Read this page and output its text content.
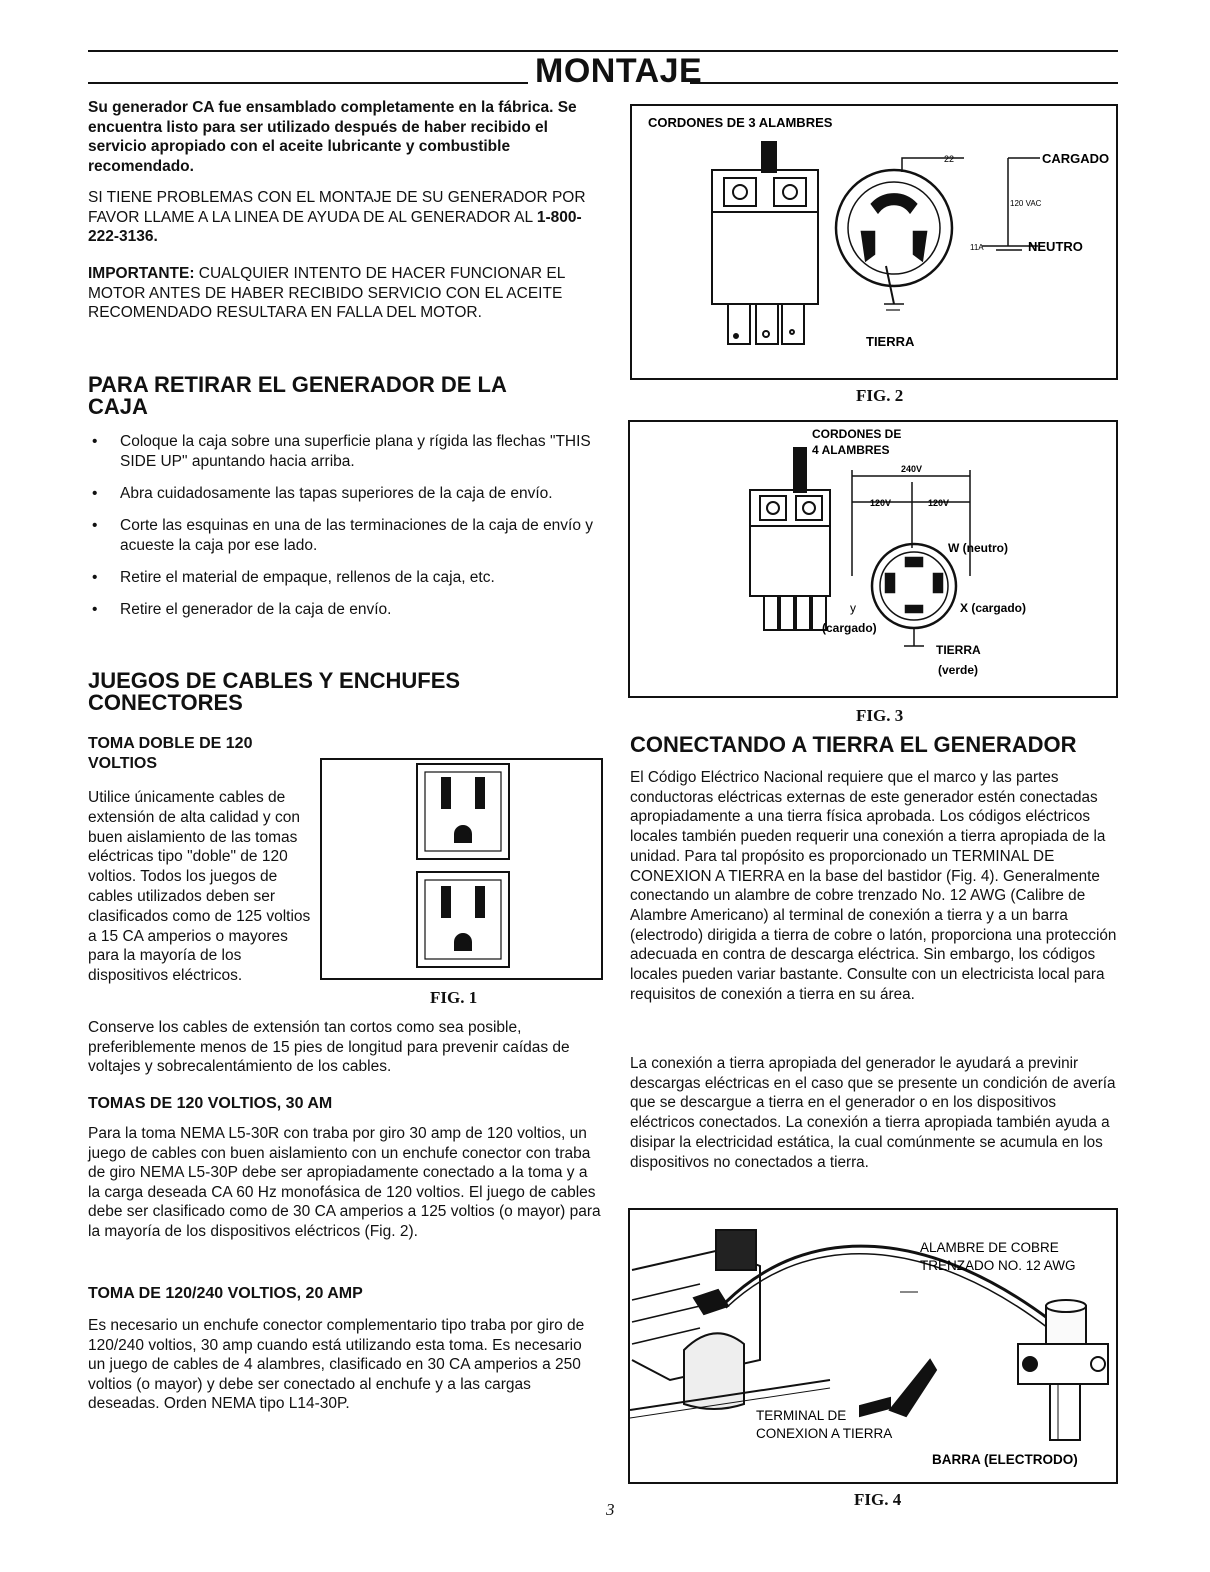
MONTAJE

Su generador CA fue ensamblado completamente en la fábrica. Se encuentra listo para ser utilizado después de haber recibido el servicio apropiado con el aceite lubricante y combustible recomendado.

SI TIENE PROBLEMAS CON EL MONTAJE DE SU GENERADOR POR FAVOR LLAME A LA LINEA DE AYUDA DE AL GENERADOR AL 1-800-222-3136.

IMPORTANTE: CUALQUIER INTENTO DE HACER FUNCIONAR EL MOTOR ANTES DE HABER RECIBIDO SERVICIO CON EL ACEITE RECOMENDADO RESULTARA EN FALLA DEL MOTOR.

PARA RETIRAR EL GENERADOR DE LA CAJA
• Coloque la caja sobre una superficie plana y rígida las flechas "THIS SIDE UP" apuntando hacia arriba.
• Abra cuidadosamente las tapas superiores de la caja de envío.
• Corte las esquinas en una de las terminaciones de la caja de envío y acueste la caja por ese lado.
• Retire el material de empaque, rellenos de la caja, etc.
• Retire el generador de la caja de envío.
JUEGOS DE CABLES Y ENCHUFES CONECTORES
TOMA DOBLE DE 120 VOLTIOS

Utilice únicamente cables de extensión de alta calidad y con buen aislamiento de las tomas eléctricas tipo "doble" de 120 voltios. Todos los juegos de cables utilizados deben ser clasificados como de 125 voltios a 15 CA amperios o mayores para la mayoría de los dispositivos eléctricos.

Conserve los cables de extensión tan cortos como sea posible, preferiblemente menos de 15 pies de longitud para prevenir caídas de voltajes y sobrecalentámiento de los cables.

TOMAS DE 120 VOLTIOS, 30 AM

Para la toma NEMA L5-30R con traba por giro 30 amp de 120 voltios, un juego de cables con buen aislamiento con un enchufe conector con traba de giro NEMA L5-30P debe ser apropiadamente conectado a la toma y a la carga deseada CA 60 Hz monofásica de 120 voltios. El juego de cables debe ser clasificado como de 30 CA amperios a 125 voltios (o mayor) para la mayoría de los dispositivos eléctricos (Fig. 2).

TOMA DE 120/240 VOLTIOS, 20 AMP

Es necesario un enchufe conector complementario tipo traba por giro de 120/240 voltios, 30 amp cuando está utilizando esta toma. Es necesario un juego de cables de 4 alambres, clasificado en 30 CA amperios a 250 voltios (o mayor) y debe ser conectado al enchufe y a las cargas deseadas. Orden NEMA tipo L14-30P.

FIG. 1
CORDONES DE 3 ALAMBRES
22	CARGADO
120 VAC
11A	NEUTRO
TIERRA
FIG. 2
CORDONES DE
4 ALAMBRES
240V
120V	120V
W (neutro)
X (cargado)
y
(cargado)
TIERRA
(verde)
FIG. 3
CONECTANDO A TIERRA EL GENERADOR

El Código Eléctrico Nacional requiere que el marco y las partes conductoras eléctricas externas de este generador estén conectadas apropiadamente a una tierra física aprobada. Los códigos eléctricos locales también pueden requerir una conexión a tierra apropiada de la unidad. Para tal propósito es proporcionado un TERMINAL DE CONEXION A TIERRA en la base del bastidor (Fig. 4). Generalmente conectando un alambre de cobre trenzado No. 12 AWG (Calibre de Alambre Americano) al terminal de conexión a tierra y a un barra (electrodo) dirigida a tierra de cobre o latón, proporciona una protección adecuada en contra de descarga eléctrica. Sin embargo, los códigos locales pueden variar bastante. Consulte con un electricista local para requisitos de conexión a tierra en su área.

La conexión a tierra apropiada del generador le ayudará a previnir descargas eléctricas en el caso que se presente un condición de avería que se descargue a tierra en el generador o en los dispositivos eléctricos conectados. La conexión a tierra apropiada también ayuda a disipar la electricidad estática, la cual comúnmente se acumula en los dispositivos no conectados a tierra.

ALAMBRE DE COBRE
TRENZADO NO. 12 AWG
TERMINAL DE
CONEXION A TIERRA
BARRA (ELECTRODO)
FIG. 4
3
